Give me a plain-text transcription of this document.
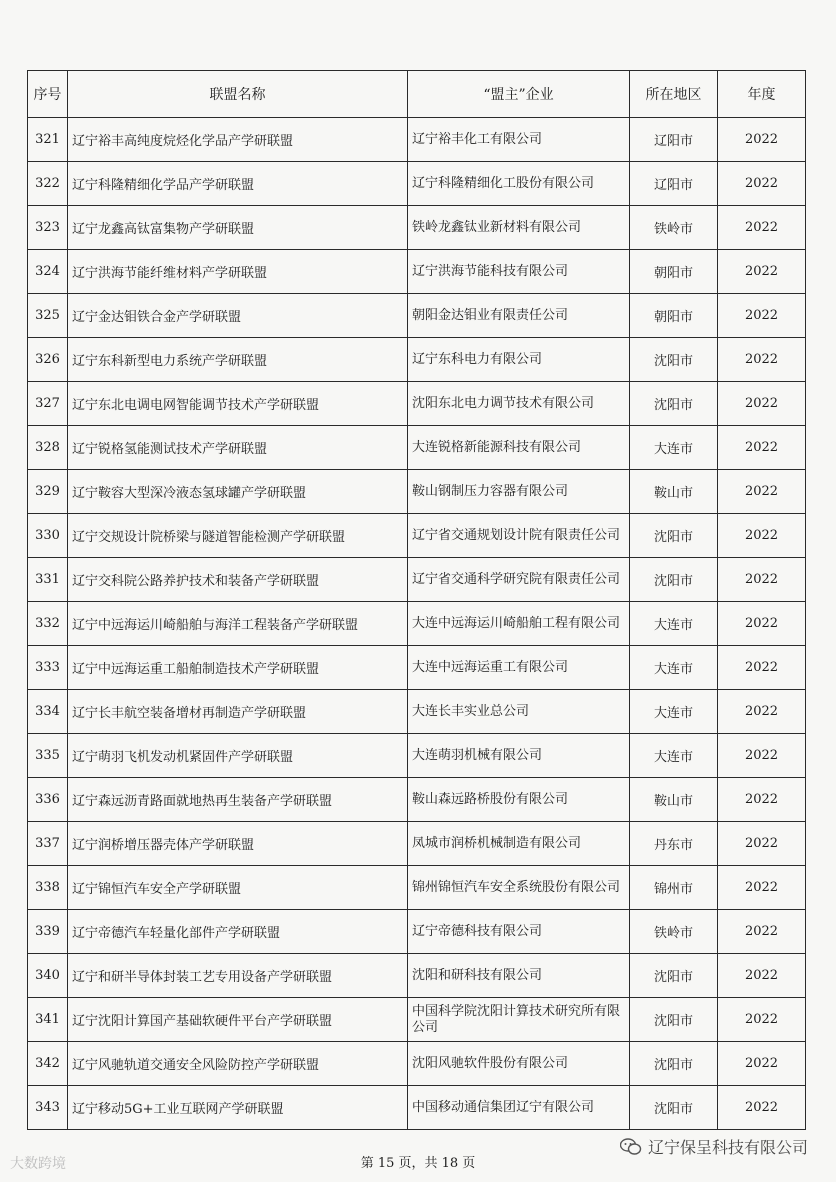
序号	联盟名称	“盟主”企业	所在地区	年度
321	辽宁裕丰高纯度烷烃化学品产学研联盟	辽宁裕丰化工有限公司	辽阳市	2022
322	辽宁科隆精细化学品产学研联盟	辽宁科隆精细化工股份有限公司	辽阳市	2022
323	辽宁龙鑫高钛富集物产学研联盟	铁岭龙鑫钛业新材料有限公司	铁岭市	2022
324	辽宁洪海节能纤维材料产学研联盟	辽宁洪海节能科技有限公司	朝阳市	2022
325	辽宁金达钼铁合金产学研联盟	朝阳金达钼业有限责任公司	朝阳市	2022
326	辽宁东科新型电力系统产学研联盟	辽宁东科电力有限公司	沈阳市	2022
327	辽宁东北电调电网智能调节技术产学研联盟	沈阳东北电力调节技术有限公司	沈阳市	2022
328	辽宁锐格氢能测试技术产学研联盟	大连锐格新能源科技有限公司	大连市	2022
329	辽宁鞍容大型深冷液态氢球罐产学研联盟	鞍山钢制压力容器有限公司	鞍山市	2022
330	辽宁交规设计院桥梁与隧道智能检测产学研联盟	辽宁省交通规划设计院有限责任公司	沈阳市	2022
331	辽宁交科院公路养护技术和装备产学研联盟	辽宁省交通科学研究院有限责任公司	沈阳市	2022
332	辽宁中远海运川崎船舶与海洋工程装备产学研联盟	大连中远海运川崎船舶工程有限公司	大连市	2022
333	辽宁中远海运重工船舶制造技术产学研联盟	大连中远海运重工有限公司	大连市	2022
334	辽宁长丰航空装备增材再制造产学研联盟	大连长丰实业总公司	大连市	2022
335	辽宁萌羽飞机发动机紧固件产学研联盟	大连萌羽机械有限公司	大连市	2022
336	辽宁森远沥青路面就地热再生装备产学研联盟	鞍山森远路桥股份有限公司	鞍山市	2022
337	辽宁润桥增压器壳体产学研联盟	凤城市润桥机械制造有限公司	丹东市	2022
338	辽宁锦恒汽车安全产学研联盟	锦州锦恒汽车安全系统股份有限公司	锦州市	2022
339	辽宁帝德汽车轻量化部件产学研联盟	辽宁帝德科技有限公司	铁岭市	2022
340	辽宁和研半导体封装工艺专用设备产学研联盟	沈阳和研科技有限公司	沈阳市	2022
341	辽宁沈阳计算国产基础软硬件平台产学研联盟	中国科学院沈阳计算技术研究所有限公司	沈阳市	2022
342	辽宁风驰轨道交通安全风险防控产学研联盟	沈阳风驰软件股份有限公司	沈阳市	2022
343	辽宁移动5G+工业互联网产学研联盟	中国移动通信集团辽宁有限公司	沈阳市	2022
大数跨境	第 15 页，共 18 页
辽宁保呈科技有限公司
